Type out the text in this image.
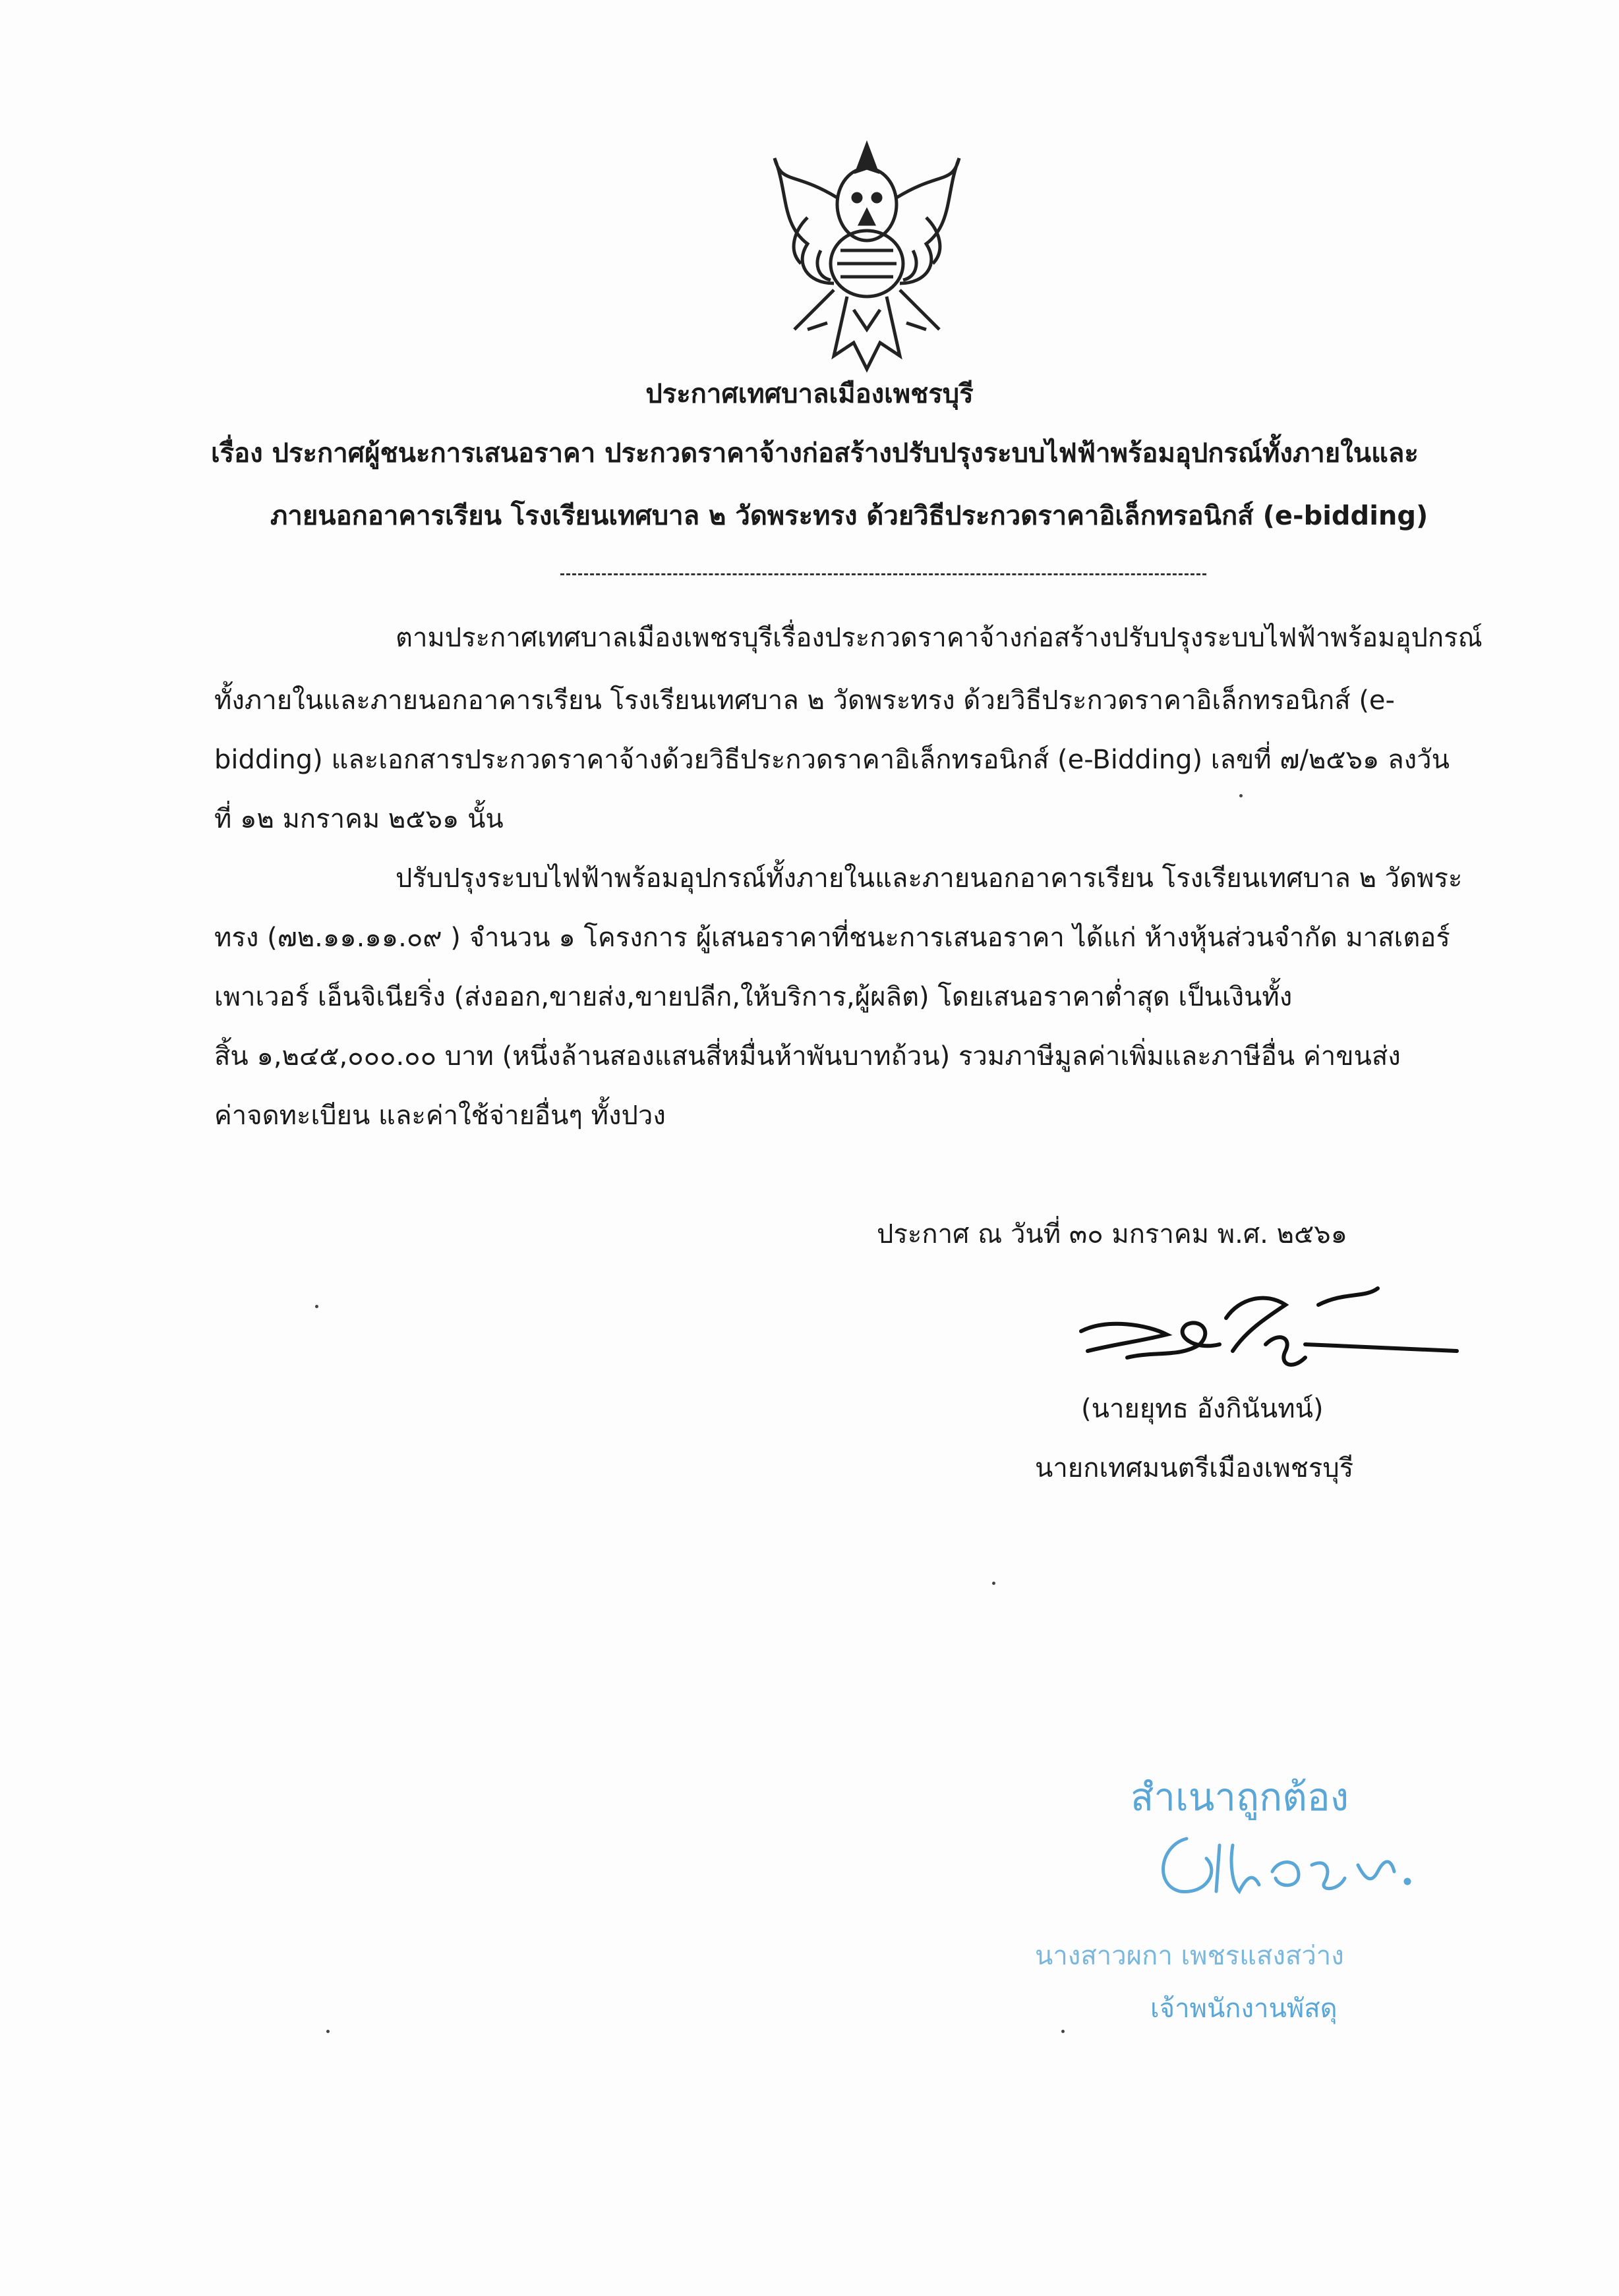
ประกาศเทศบาลเมืองเพชรบุรี
เรื่อง ประกาศผู้ชนะการเสนอราคา ประกวดราคาจ้างก่อสร้างปรับปรุงระบบไฟฟ้าพร้อมอุปกรณ์ทั้งภายในและ
ภายนอกอาคารเรียน โรงเรียนเทศบาล ๒ วัดพระทรง ด้วยวิธีประกวดราคาอิเล็กทรอนิกส์ (e-bidding)
ตามประกาศเทศบาลเมืองเพชรบุรีเรื่องประกวดราคาจ้างก่อสร้างปรับปรุงระบบไฟฟ้าพร้อมอุปกรณ์
ทั้งภายในและภายนอกอาคารเรียน โรงเรียนเทศบาล ๒ วัดพระทรง ด้วยวิธีประกวดราคาอิเล็กทรอนิกส์ (e-
bidding) และเอกสารประกวดราคาจ้างด้วยวิธีประกวดราคาอิเล็กทรอนิกส์ (e-Bidding) เลขที่ ๗/๒๕๖๑ ลงวัน
ที่ ๑๒ มกราคม ๒๕๖๑ นั้น
ปรับปรุงระบบไฟฟ้าพร้อมอุปกรณ์ทั้งภายในและภายนอกอาคารเรียน โรงเรียนเทศบาล ๒ วัดพระ
ทรง (๗๒.๑๑.๑๑.๐๙ ) จำนวน ๑ โครงการ ผู้เสนอราคาที่ชนะการเสนอราคา ได้แก่ ห้างหุ้นส่วนจำกัด มาสเตอร์
เพาเวอร์ เอ็นจิเนียริ่ง (ส่งออก,ขายส่ง,ขายปลีก,ให้บริการ,ผู้ผลิต) โดยเสนอราคาต่ำสุด เป็นเงินทั้ง
สิ้น ๑,๒๔๕,๐๐๐.๐๐ บาท (หนึ่งล้านสองแสนสี่หมื่นห้าพันบาทถ้วน) รวมภาษีมูลค่าเพิ่มและภาษีอื่น ค่าขนส่ง
ค่าจดทะเบียน และค่าใช้จ่ายอื่นๆ ทั้งปวง
ประกาศ ณ วันที่ ๓๐ มกราคม พ.ศ. ๒๕๖๑
(นายยุทธ อังกินันทน์)
นายกเทศมนตรีเมืองเพชรบุรี
สำเนาถูกต้อง
นางสาวผกา เพชรแสงสว่าง
เจ้าพนักงานพัสดุ
